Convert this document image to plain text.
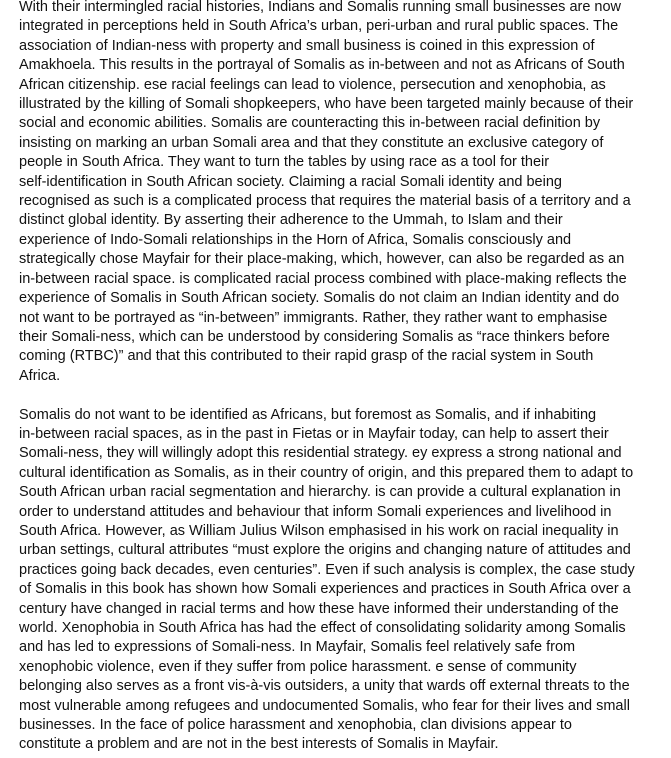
With their intermingled racial histories, Indians and Somalis running small businesses are now
integrated in perceptions held in South Africa’s urban, peri-urban and rural public spaces. The
association of Indian-ness with property and small business is coined in this expression of
Amakhoela. This results in the portrayal of Somalis as in-between and not as Africans of South
African citizenship. ese racial feelings can lead to violence, persecution and xenophobia, as
illustrated by the killing of Somali shopkeepers, who have been targeted mainly because of their
social and economic abilities. Somalis are counteracting this in-between racial definition by
insisting on marking an urban Somali area and that they constitute an exclusive category of
people in South Africa. They want to turn the tables by using race as a tool for their
self-identification in South African society. Claiming a racial Somali identity and being
recognised as such is a complicated process that requires the material basis of a territory and a
distinct global identity. By asserting their adherence to the Ummah, to Islam and their
experience of Indo-Somali relationships in the Horn of Africa, Somalis consciously and
strategically chose Mayfair for their place-making, which, however, can also be regarded as an
in-between racial space. is complicated racial process combined with place-making reflects the
experience of Somalis in South African society. Somalis do not claim an Indian identity and do
not want to be portrayed as “in-between” immigrants. Rather, they rather want to emphasise
their Somali-ness, which can be understood by considering Somalis as “race thinkers before
coming (RTBC)” and that this contributed to their rapid grasp of the racial system in South
Africa.

Somalis do not want to be identified as Africans, but foremost as Somalis, and if inhabiting
in-between racial spaces, as in the past in Fietas or in Mayfair today, can help to assert their
Somali-ness, they will willingly adopt this residential strategy. ey express a strong national and
cultural identification as Somalis, as in their country of origin, and this prepared them to adapt to
South African urban racial segmentation and hierarchy. is can provide a cultural explanation in
order to understand attitudes and behaviour that inform Somali experiences and livelihood in
South Africa. However, as William Julius Wilson emphasised in his work on racial inequality in
urban settings, cultural attributes “must explore the origins and changing nature of attitudes and
practices going back decades, even centuries”. Even if such analysis is complex, the case study
of Somalis in this book has shown how Somali experiences and practices in South Africa over a
century have changed in racial terms and how these have informed their understanding of the
world. Xenophobia in South Africa has had the effect of consolidating solidarity among Somalis
and has led to expressions of Somali-ness. In Mayfair, Somalis feel relatively safe from
xenophobic violence, even if they suffer from police harassment. e sense of community
belonging also serves as a front vis-à-vis outsiders, a unity that wards off external threats to the
most vulnerable among refugees and undocumented Somalis, who fear for their lives and small
businesses. In the face of police harassment and xenophobia, clan divisions appear to
constitute a problem and are not in the best interests of Somalis in Mayfair.
